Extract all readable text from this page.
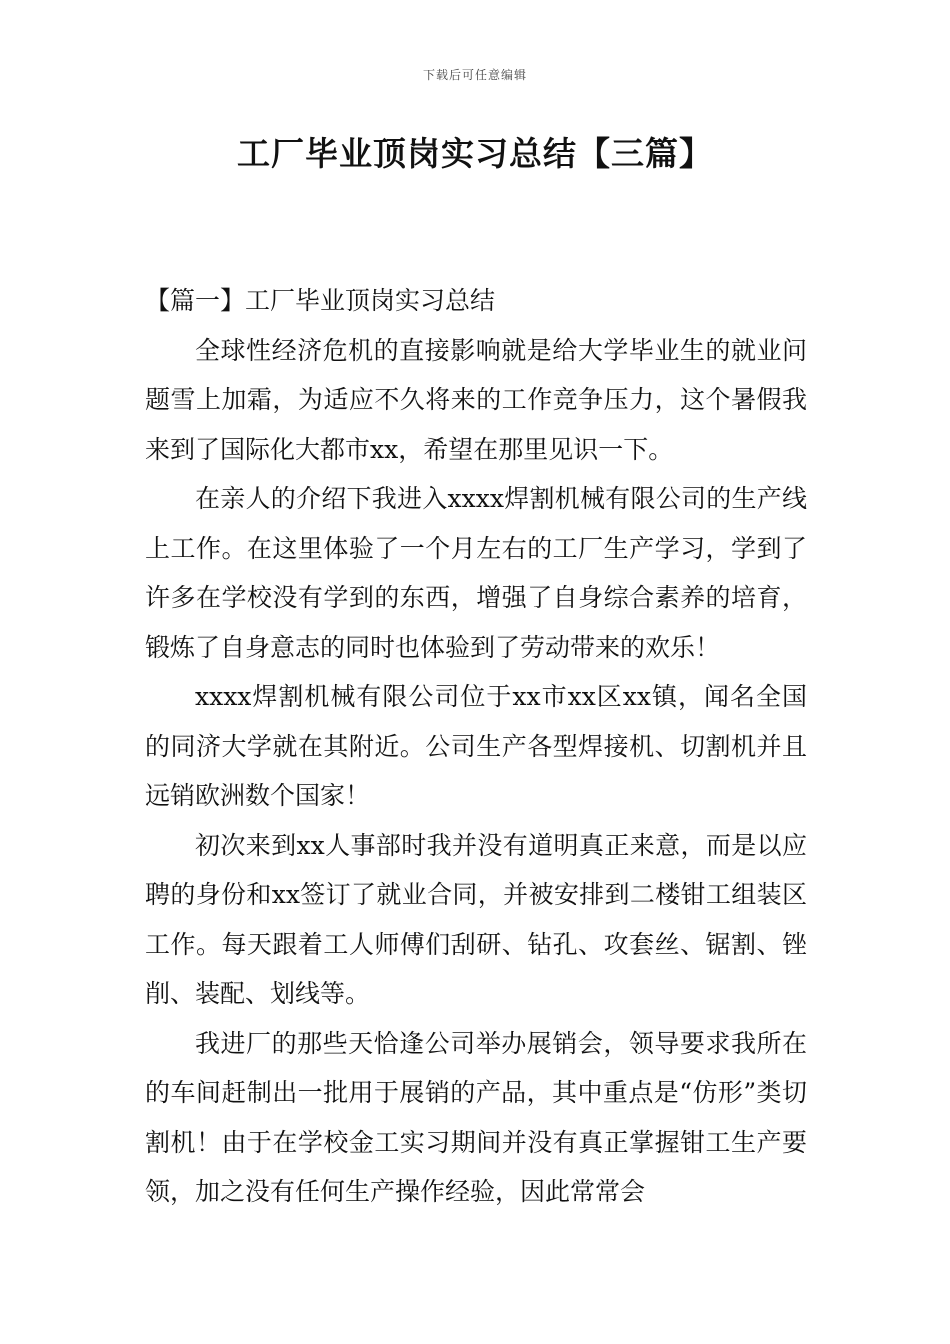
下载后可任意编辑
工厂毕业顶岗实习总结【三篇】

【篇一】工厂毕业顶岗实习总结

全球性经济危机的直接影响就是给大学毕业生的就业问题雪上加霜，为适应不久将来的工作竞争压力，这个暑假我来到了国际化大都市xx，希望在那里见识一下。

在亲人的介绍下我进入xxxx焊割机械有限公司的生产线上工作。在这里体验了一个月左右的工厂生产学习，学到了许多在学校没有学到的东西，增强了自身综合素养的培育，锻炼了自身意志的同时也体验到了劳动带来的欢乐！

xxxx焊割机械有限公司位于xx市xx区xx镇，闻名全国的同济大学就在其附近。公司生产各型焊接机、切割机并且远销欧洲数个国家！

初次来到xx人事部时我并没有道明真正来意，而是以应聘的身份和xx签订了就业合同，并被安排到二楼钳工组装区工作。每天跟着工人师傅们刮研、钻孔、攻套丝、锯割、锉削、装配、划线等。

我进厂的那些天恰逢公司举办展销会，领导要求我所在的车间赶制出一批用于展销的产品，其中重点是“仿形”类切割机！由于在学校金工实习期间并没有真正掌握钳工生产要领，加之没有任何生产操作经验，因此常常会
